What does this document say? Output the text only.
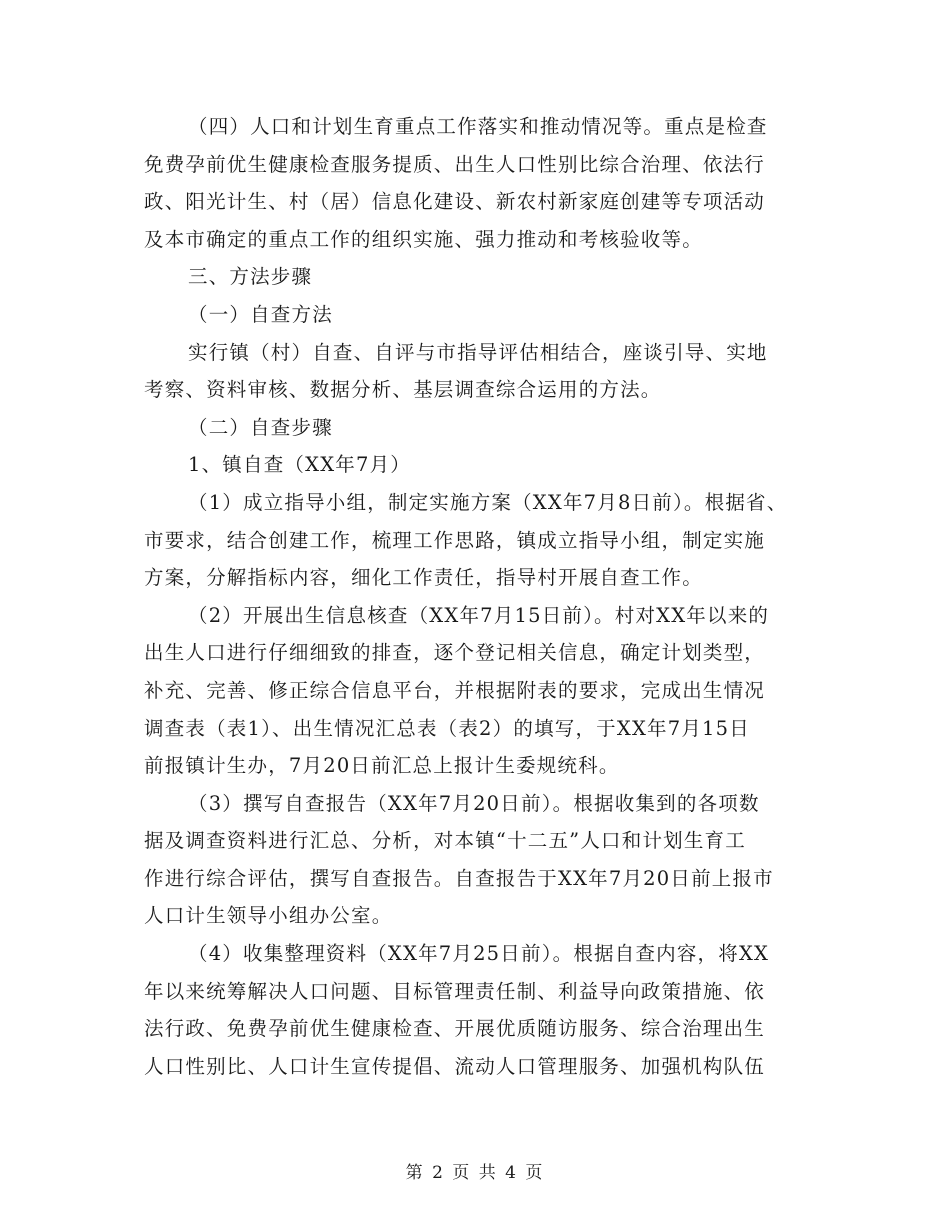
（四）人口和计划生育重点工作落实和推动情况等。重点是检查
免费孕前优生健康检查服务提质、出生人口性别比综合治理、依法行
政、阳光计生、村（居）信息化建设、新农村新家庭创建等专项活动
及本市确定的重点工作的组织实施、强力推动和考核验收等。
三、方法步骤
（一）自查方法
实行镇（村）自查、自评与市指导评估相结合，座谈引导、实地
考察、资料审核、数据分析、基层调查综合运用的方法。
（二）自查步骤
1、镇自查（XX年7月）
（1）成立指导小组，制定实施方案（XX年7月8日前）。根据省、
市要求，结合创建工作，梳理工作思路，镇成立指导小组，制定实施
方案，分解指标内容，细化工作责任，指导村开展自查工作。
（2）开展出生信息核查（XX年7月15日前）。村对XX年以来的
出生人口进行仔细细致的排查，逐个登记相关信息，确定计划类型，
补充、完善、修正综合信息平台，并根据附表的要求，完成出生情况
调查表（表1）、出生情况汇总表（表2）的填写，于XX年7月15日
前报镇计生办，7月20日前汇总上报计生委规统科。
（3）撰写自查报告（XX年7月20日前）。根据收集到的各项数
据及调查资料进行汇总、分析，对本镇“十二五”人口和计划生育工
作进行综合评估，撰写自查报告。自查报告于XX年7月20日前上报市
人口计生领导小组办公室。
（4）收集整理资料（XX年7月25日前）。根据自查内容，将XX
年以来统筹解决人口问题、目标管理责任制、利益导向政策措施、依
法行政、免费孕前优生健康检查、开展优质随访服务、综合治理出生
人口性别比、人口计生宣传提倡、流动人口管理服务、加强机构队伍
第 2 页 共 4 页
